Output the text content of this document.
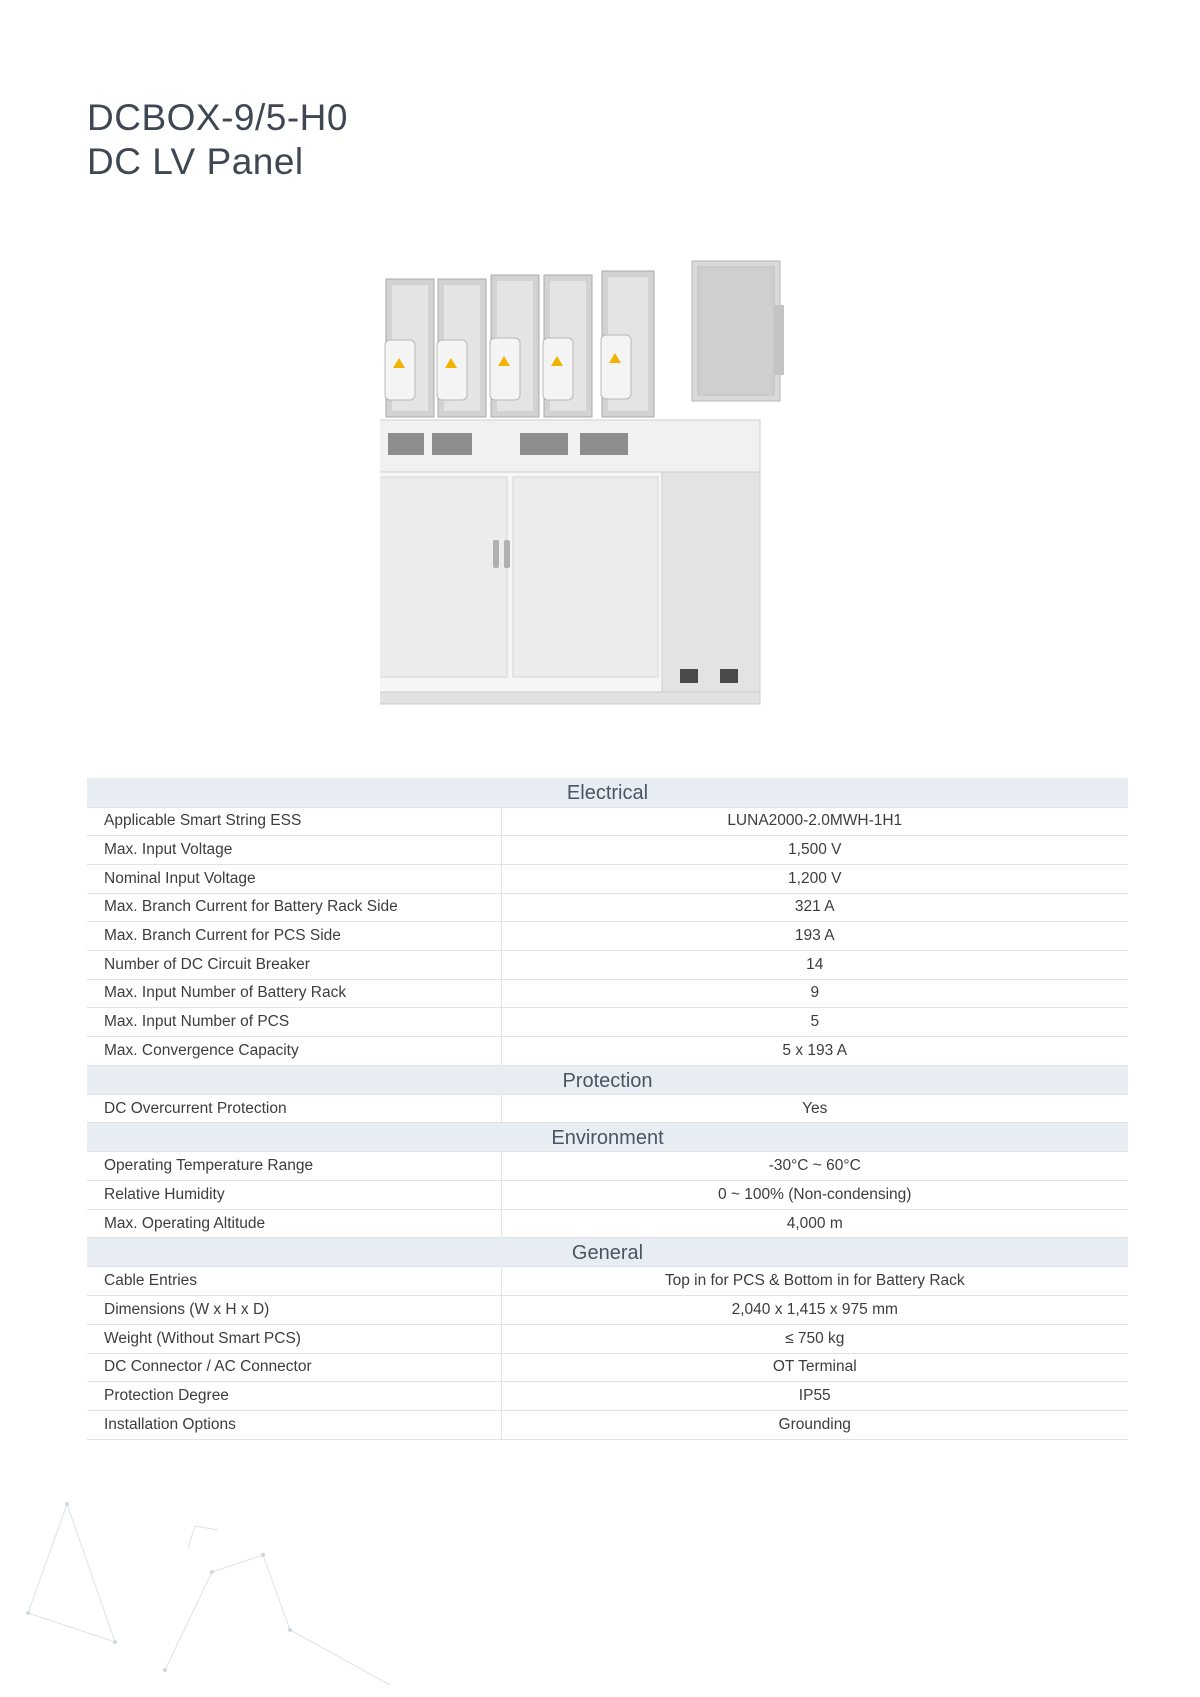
DCBOX-9/5-H0
DC LV Panel
Electrical	
Applicable Smart String ESS	LUNA2000-2.0MWH-1H1
Max. Input Voltage	1,500 V
Nominal Input Voltage	1,200 V
Max. Branch Current for Battery Rack Side	321 A
Max. Branch Current for PCS Side	193 A
Number of DC Circuit Breaker	14
Max. Input Number of Battery Rack	9
Max. Input Number of PCS	5
Max. Convergence Capacity	5 x 193 A
Protection	
DC Overcurrent Protection	Yes
Environment	
Operating Temperature Range	-30°C ~ 60°C
Relative Humidity	0 ~ 100% (Non-condensing)
Max. Operating Altitude	4,000 m
General	
Cable Entries	Top in for PCS & Bottom in for Battery Rack
Dimensions (W x H x D)	2,040 x 1,415 x 975 mm
Weight (Without Smart PCS)	≤ 750 kg
DC Connector / AC Connector	OT Terminal
Protection Degree	IP55
Installation Options	Grounding
